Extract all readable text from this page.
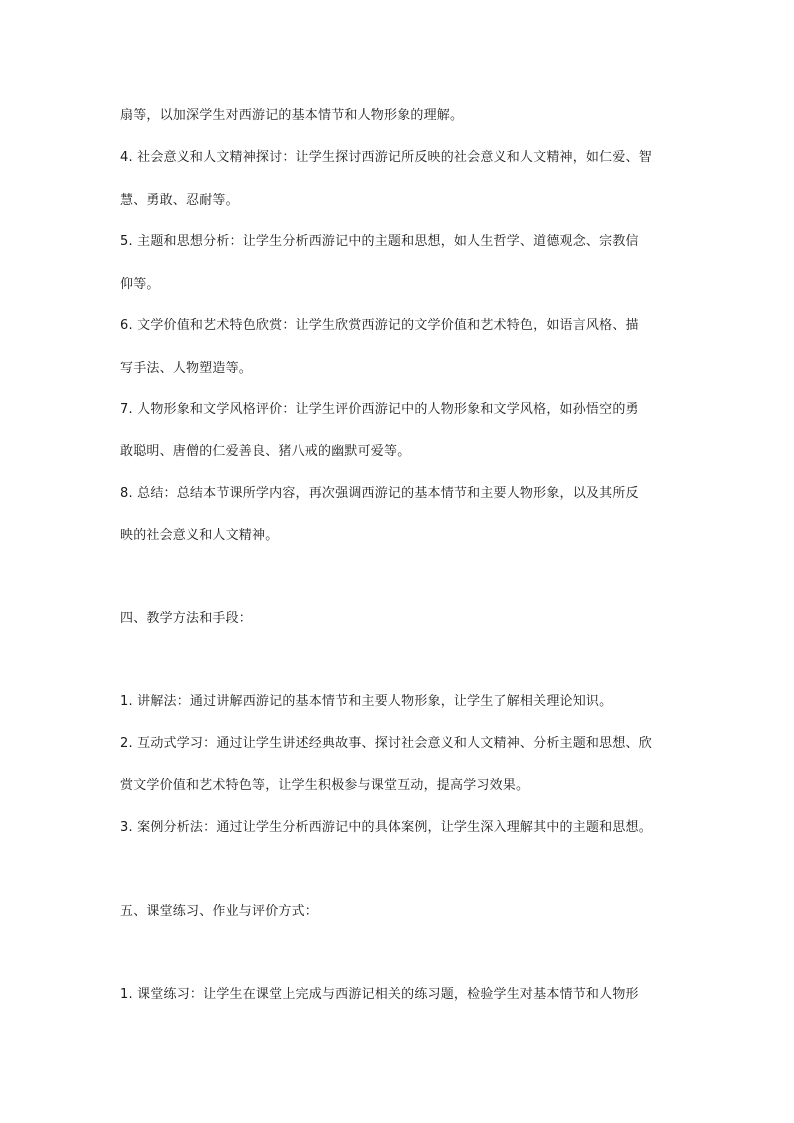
扇等，以加深学生对西游记的基本情节和人物形象的理解。
4. 社会意义和人文精神探讨：让学生探讨西游记所反映的社会意义和人文精神，如仁爱、智
慧、勇敢、忍耐等。
5. 主题和思想分析：让学生分析西游记中的主题和思想，如人生哲学、道德观念、宗教信
仰等。
6. 文学价值和艺术特色欣赏：让学生欣赏西游记的文学价值和艺术特色，如语言风格、描
写手法、人物塑造等。
7. 人物形象和文学风格评价：让学生评价西游记中的人物形象和文学风格，如孙悟空的勇
敢聪明、唐僧的仁爱善良、猪八戒的幽默可爱等。
8. 总结：总结本节课所学内容，再次强调西游记的基本情节和主要人物形象，以及其所反
映的社会意义和人文精神。
四、教学方法和手段：
1. 讲解法：通过讲解西游记的基本情节和主要人物形象，让学生了解相关理论知识。
2. 互动式学习：通过让学生讲述经典故事、探讨社会意义和人文精神、分析主题和思想、欣
赏文学价值和艺术特色等，让学生积极参与课堂互动，提高学习效果。
3. 案例分析法：通过让学生分析西游记中的具体案例，让学生深入理解其中的主题和思想。
五、课堂练习、作业与评价方式：
1. 课堂练习：让学生在课堂上完成与西游记相关的练习题，检验学生对基本情节和人物形
